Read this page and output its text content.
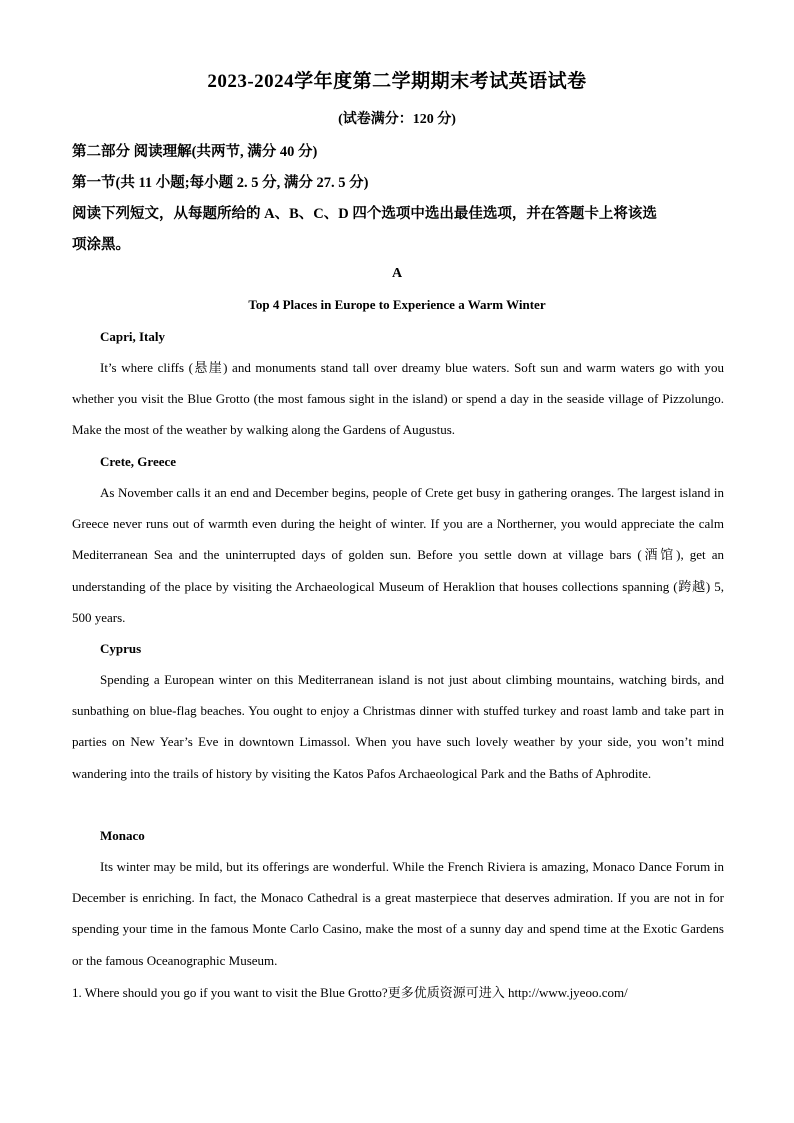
2023-2024学年度第二学期期末考试英语试卷
(试卷满分：120 分)
第二部分 阅读理解(共两节, 满分 40 分)
第一节(共 11 小题;每小题 2. 5 分, 满分 27. 5 分)
阅读下列短文，从每题所给的 A、B、C、D 四个选项中选出最佳选项，并在答题卡上将该选
项涂黑。
A
Top 4 Places in Europe to Experience a Warm Winter
Capri, Italy

It’s where cliffs (悬崖) and monuments stand tall over dreamy blue waters. Soft sun and warm waters go with you whether you visit the Blue Grotto (the most famous sight in the island) or spend a day in the seaside village of Pizzolungo. Make the most of the weather by walking along the Gardens of Augustus.

Crete, Greece

As November calls it an end and December begins, people of Crete get busy in gathering oranges. The largest island in Greece never runs out of warmth even during the height of winter. If you are a Northerner, you would appreciate the calm Mediterranean Sea and the uninterrupted days of golden sun. Before you settle down at village bars (酒馆), get an understanding of the place by visiting the Archaeological Museum of Heraklion that houses collections spanning (跨越) 5, 500 years.

Cyprus

Spending a European winter on this Mediterranean island is not just about climbing mountains, watching birds, and sunbathing on blue-flag beaches. You ought to enjoy a Christmas dinner with stuffed turkey and roast lamb and take part in parties on New Year’s Eve in downtown Limassol. When you have such lovely weather by your side, you won’t mind wandering into the trails of history by visiting the Katos Pafos Archaeological Park and the Baths of Aphrodite.

Monaco

Its winter may be mild, but its offerings are wonderful. While the French Riviera is amazing, Monaco Dance Forum in December is enriching. In fact, the Monaco Cathedral is a great masterpiece that deserves admiration. If you are not in for spending your time in the famous Monte Carlo Casino, make the most of a sunny day and spend time at the Exotic Gardens or the famous Oceanographic Museum.

1. Where should you go if you want to visit the Blue Grotto?更多优质资源可进入 http://www.jyeoo.com/
